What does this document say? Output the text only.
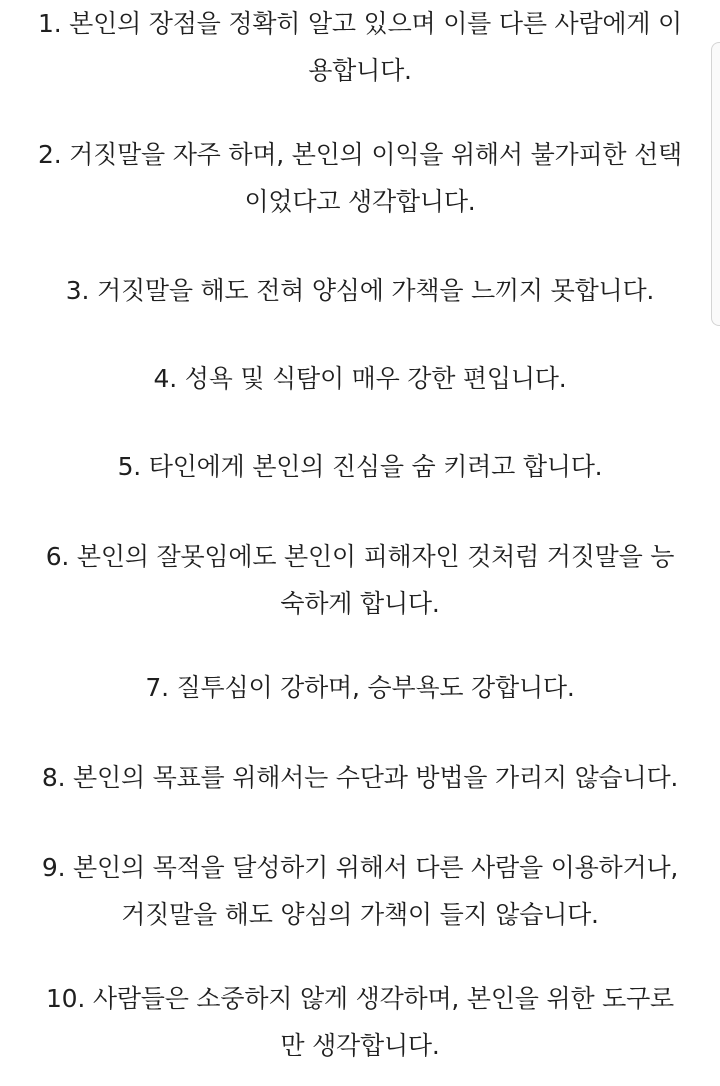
1. 본인의 장점을 정확히 알고 있으며 이를 다른 사람에게 이
용합니다.
2. 거짓말을 자주 하며, 본인의 이익을 위해서 불가피한 선택
이었다고 생각합니다.
3. 거짓말을 해도 전혀 양심에 가책을 느끼지 못합니다.
4. 성욕 및 식탐이 매우 강한 편입니다.
5. 타인에게 본인의 진심을 숨 키려고 합니다.
6. 본인의 잘못임에도 본인이 피해자인 것처럼 거짓말을 능
숙하게 합니다.
7. 질투심이 강하며, 승부욕도 강합니다.
8. 본인의 목표를 위해서는 수단과 방법을 가리지 않습니다.
9. 본인의 목적을 달성하기 위해서 다른 사람을 이용하거나,
거짓말을 해도 양심의 가책이 들지 않습니다.
10. 사람들은 소중하지 않게 생각하며, 본인을 위한 도구로
만 생각합니다.
